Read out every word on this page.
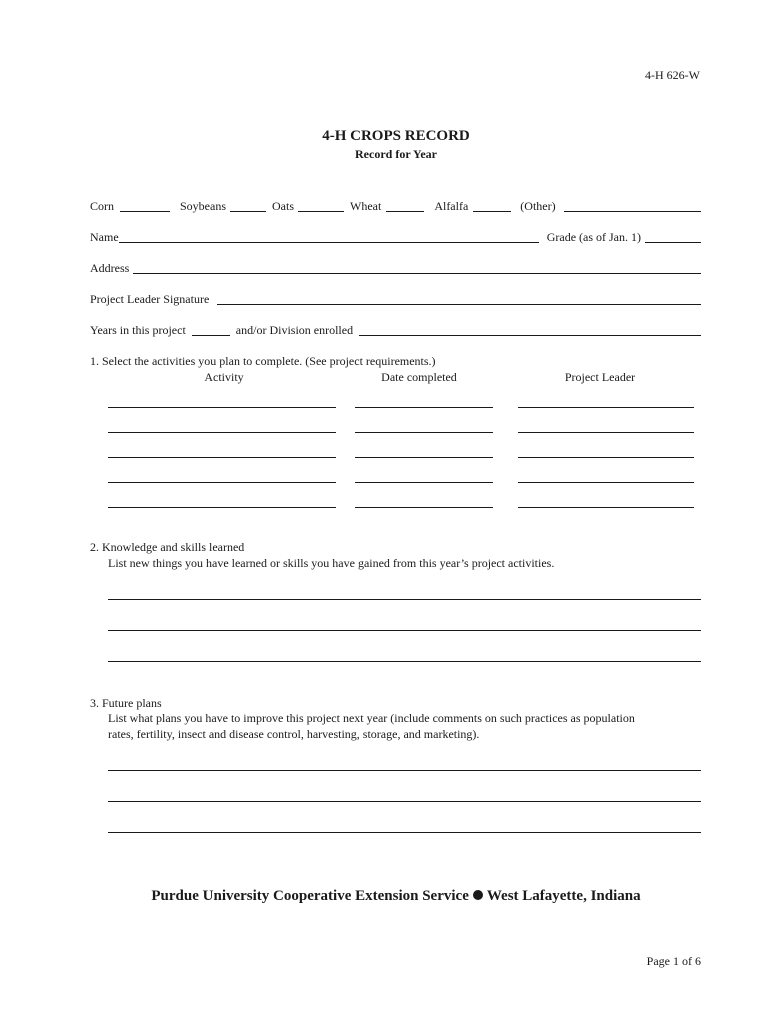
4-H 626-W
4-H CROPS RECORD
Record for Year
Corn	Soybeans	Oats	Wheat	Alfalfa	(Other)
Name	Grade (as of Jan. 1)
Address
Project Leader Signature
Years in this project	and/or Division enrolled
1. Select the activities you plan to complete. (See project requirements.)
Activity	Date completed	Project Leader
2. Knowledge and skills learned
List new things you have learned or skills you have gained from this year’s project activities.
3. Future plans
List what plans you have to improve this project next year (include comments on such practices as population
rates, fertility, insect and disease control, harvesting, storage, and marketing).
Purdue University Cooperative Extension Service West Lafayette, Indiana
Page 1 of 6
